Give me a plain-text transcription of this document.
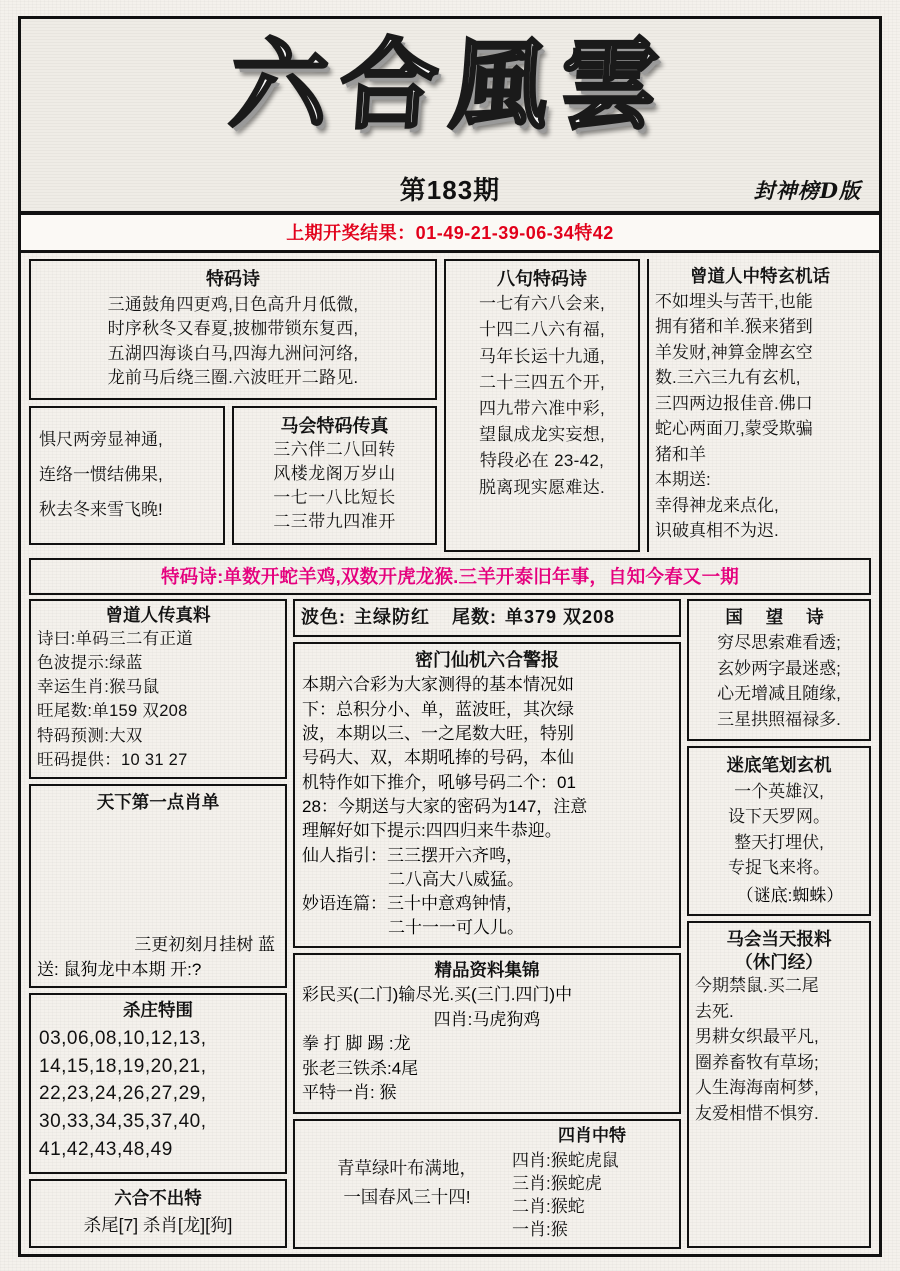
六合風雲
第183期	封神榜D版
上期开奖结果：01-49-21-39-06-34特42
特码诗
三通鼓角四更鸡,日色高升月低微,
时序秋冬又春夏,披枷带锁东复西,
五湖四海谈白马,四海九洲问河络,
龙前马后绕三圈.六波旺开二路见.
惧尺两旁显神通,
连络一惯结佛果,
秋去冬来雪飞晚!
马会特码传真
三六伴二八回转
风楼龙阁万岁山
一七一八比短长
二三带九四准开
八句特码诗
一七有六八会来,
十四二八六有福,
马年长运十九通,
二十三四五个开,
四九带六准中彩,
望鼠成龙实妄想,
特段必在 23-42,
脱离现实愿难达.
曾道人中特玄机话
不如埋头与苦干,也能
拥有猪和羊.猴来猪到
羊发财,神算金牌玄空
数.三六三九有玄机,
三四两边报佳音.佛口
蛇心两面刀,蒙受欺骗
猪和羊
本期送:
幸得神龙来点化,
识破真相不为迟.
特码诗:单数开蛇羊鸡,双数开虎龙猴.三羊开泰旧年事，自知今春又一期
曾道人传真料
诗曰:单码三二有正道
色波提示:绿蓝
幸运生肖:猴马鼠
旺尾数:单159 双208
特码预测:大双
旺码提供：10 31 27
天下第一点肖单
三更初刻月挂树 蓝
送: 鼠狗龙中本期 开:?
杀庄特围
03,06,08,10,12,13,
14,15,18,19,20,21,
22,23,24,26,27,29,
30,33,34,35,37,40,
41,42,43,48,49
六合不出特
杀尾[7] 杀肖[龙][狗]
波色: 主绿防红 尾数: 单379 双208
密门仙机六合警报
本期六合彩为大家测得的基本情况如
下：总积分小、单，蓝波旺，其次绿
波，本期以三、一之尾数大旺，特别
号码大、双，本期吼捧的号码，本仙
机特作如下推介，吼够号码二个：01
28：今期送与大家的密码为147，注意
理解好如下提示:四四归来牛恭迎。
仙人指引：三三摆开六齐鸣，
二八高大八威猛。
妙语连篇：三十中意鸡钟情，
二十一一可人儿。
精品资料集锦
彩民买(二门)输尽光.买(三门.四门)中
四肖:马虎狗鸡
拳 打 脚 踢 :龙
张老三铁杀:4尾
平特一肖: 猴
青草绿叶布满地，
一国春风三十四!
四肖中特
四肖:猴蛇虎鼠
三肖:猴蛇虎
二肖:猴蛇
一肖:猴
国 望 诗
穷尽思索难看透;
玄妙两字最迷惑;
心无增减且随缘,
三星拱照福禄多.
迷底笔划玄机
一个英雄汉,
设下天罗网。
整天打埋伏,
专捉飞来将。
（谜底:蜘蛛）
马会当天报料
（休门经）
今期禁鼠.买二尾
去死.
男耕女织最平凡,
圈养畜牧有草场;
人生海海南柯梦,
友爱相惜不惧穷.
